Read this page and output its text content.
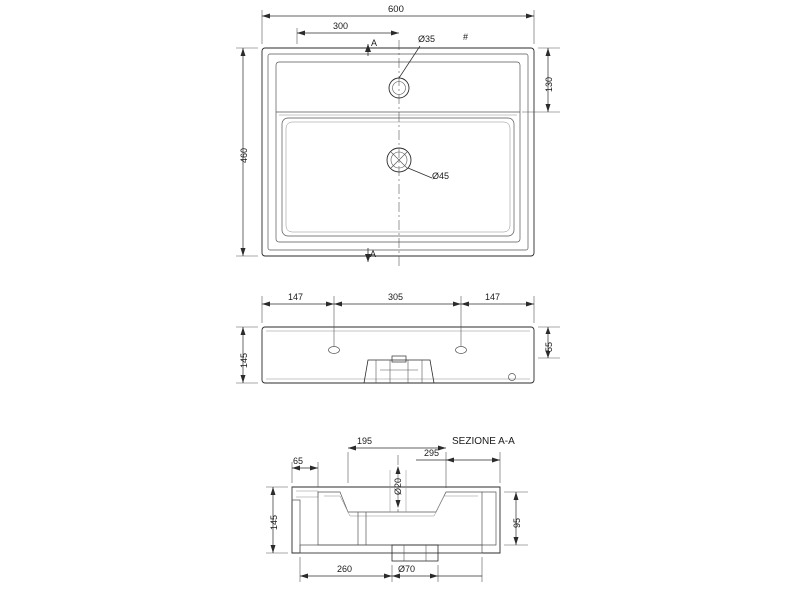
600
300
Ø35	#
Ø45
460
130
A
A
147	305	147
145
55
SEZIONE A-A
195
295
65
Ø20
145	95
260	Ø70
